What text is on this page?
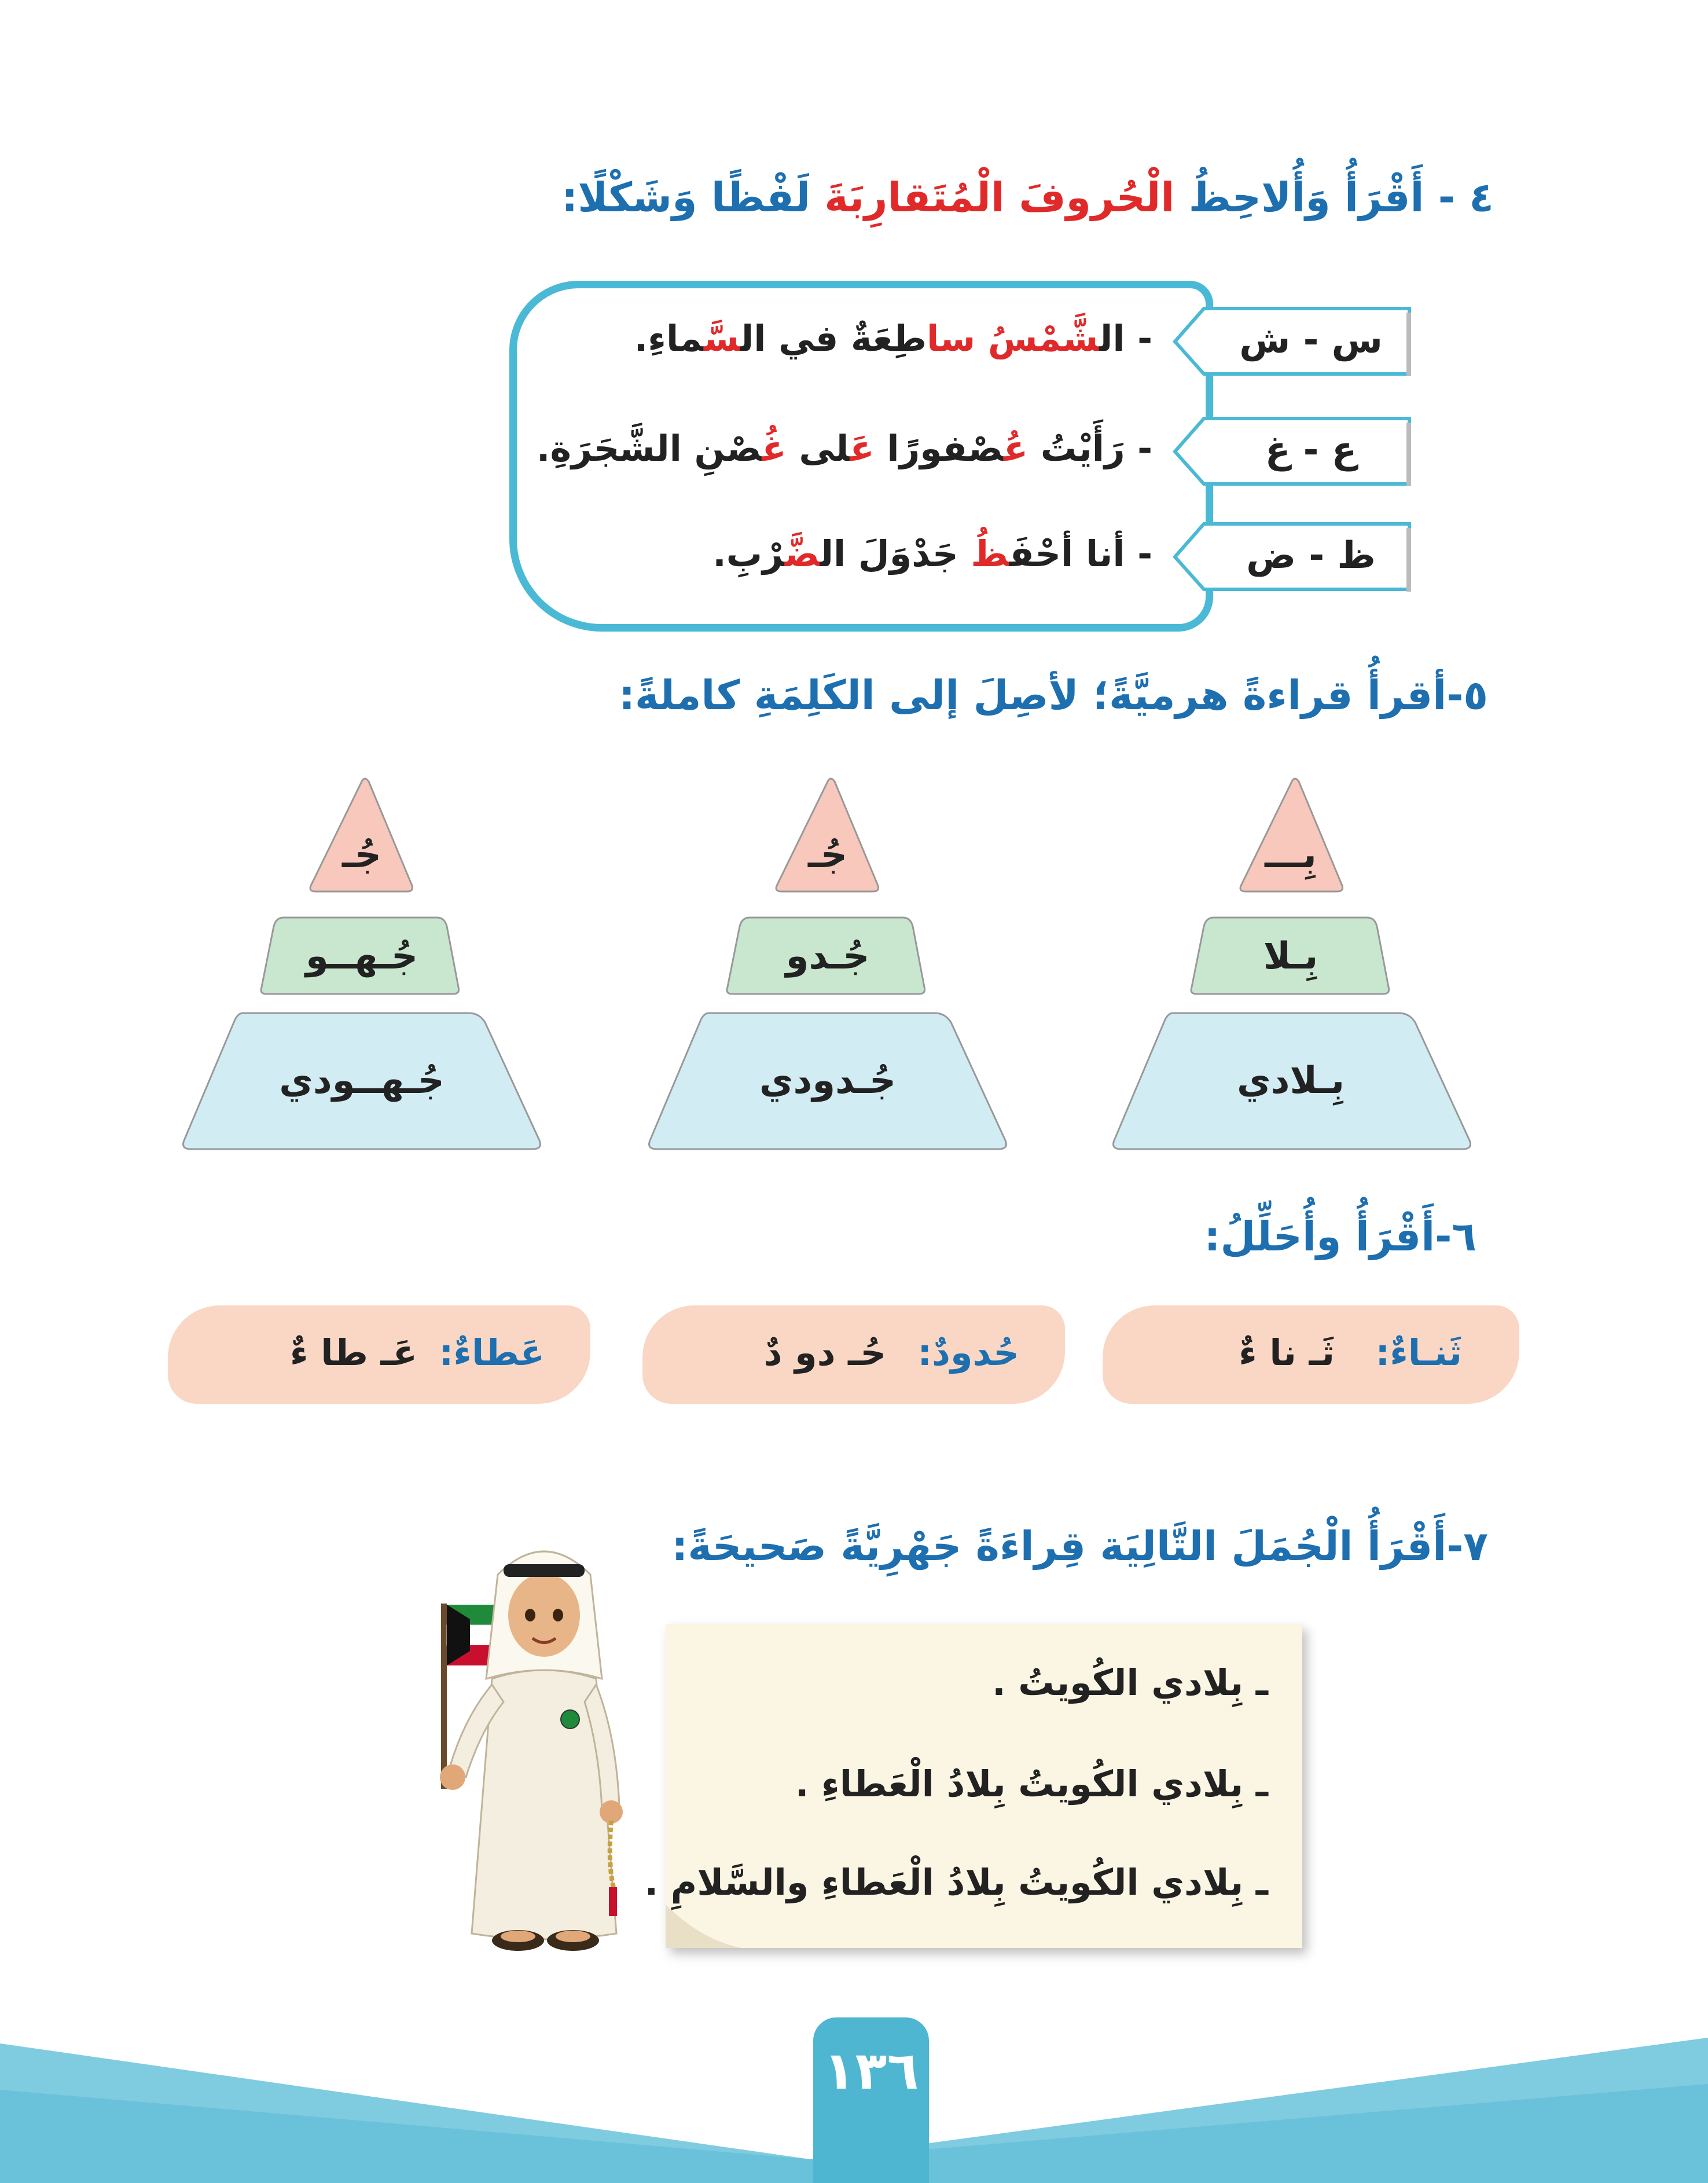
٤ - أَقْرَأُ وَأُلاحِظُ الْحُروفَ الْمُتَقارِبَةَ لَفْظًا وَشَكْلًا:
س - ش
- الشَّمْسُ ساطِعَةٌ في السَّماءِ.
ع - غ
- رَأَيْتُ عُصْفورًا عَلى غُصْنِ الشَّجَرَةِ.
ظ - ض
- أنا أحْفَظُ جَدْوَلَ الضَّرْبِ.
٥-أقرأُ قراءةً هرميَّةً؛ لأصِلَ إلى الكَلِمَةِ كاملةً:
بِـــ
بِـلا
بِـلادي
جُـ
جُـدو
جُـدودي
جُـ
جُـهــو
جُـهــودي
٦-أَقْرَأُ وأُحَلِّلُ:
ثَنـاءٌ:
ثَـ نا ءٌ
حُدودٌ:
حُـ دو دٌ
عَطاءٌ:
عَـ طا ءٌ
٧-أَقْرَأُ الْجُمَلَ التَّالِيَة قِراءَةً جَهْرِيَّةً صَحيحَةً:
ـ بِلادي الكُويتُ .
ـ بِلادي الكُويتُ بِلادُ الْعَطاءِ .
ـ بِلادي الكُويتُ بِلادُ الْعَطاءِ والسَّلامِ .
١٣٦
